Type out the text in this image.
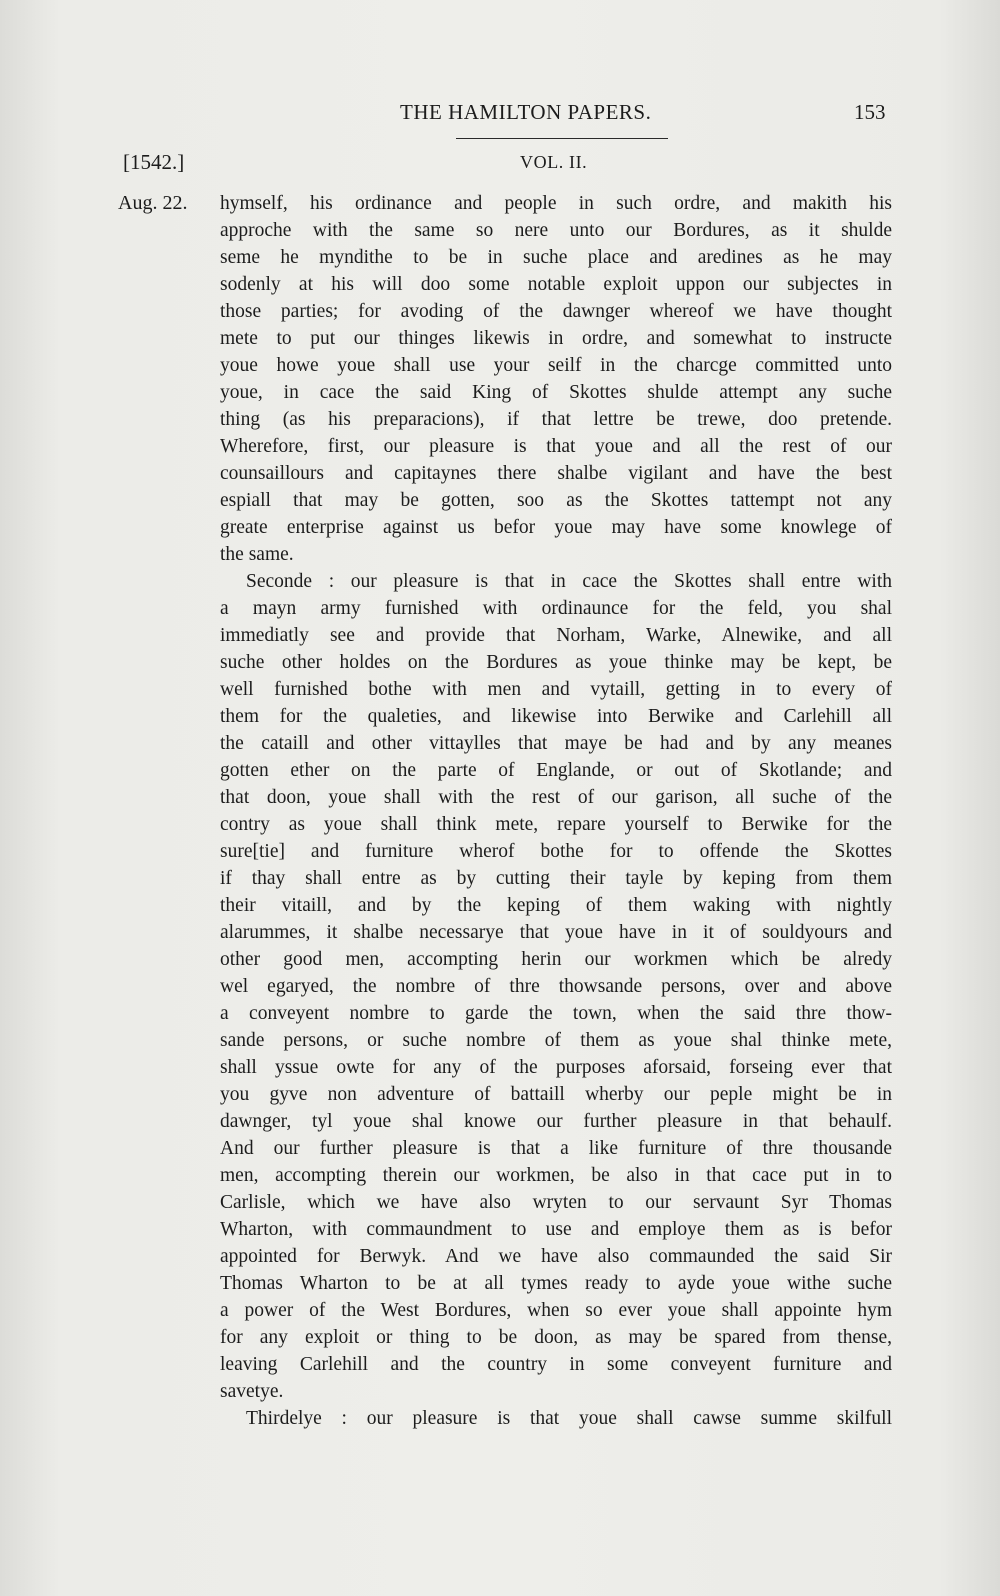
THE HAMILTON PAPERS.	153
[1542.]	VOL. II.
Aug. 22. hymself, his ordinance and people in such ordre, and makith his
approche with the same so nere unto our Bordures, as it shulde
seme he myndithe to be in suche place and aredines as he may
sodenly at his will doo some notable exploit uppon our subjectes in
those parties; for avoding of the dawnger whereof we have thought
mete to put our thinges likewis in ordre, and somewhat to instructe
youe howe youe shall use your seilf in the charcge committed unto
youe, in cace the said King of Skottes shulde attempt any suche
thing (as his preparacions), if that lettre be trewe, doo pretende.
Wherefore, first, our pleasure is that youe and all the rest of our
counsaillours and capitaynes there shalbe vigilant and have the best
espiall that may be gotten, soo as the Skottes tattempt not any
greate enterprise against us befor youe may have some knowlege of
the same.
Seconde : our pleasure is that in cace the Skottes shall entre with
a mayn army furnished with ordinaunce for the feld, you shal
immediatly see and provide that Norham, Warke, Alnewike, and all
suche other holdes on the Bordures as youe thinke may be kept, be
well furnished bothe with men and vytaill, getting in to every of
them for the qualeties, and likewise into Berwike and Carlehill all
the cataill and other vittaylles that maye be had and by any meanes
gotten ether on the parte of Englande, or out of Skotlande; and
that doon, youe shall with the rest of our garison, all suche of the
contry as youe shall think mete, repare yourself to Berwike for the
sure[tie] and furniture wherof bothe for to offende the Skottes
if thay shall entre as by cutting their tayle by keping from them
their vitaill, and by the keping of them waking with nightly
alarummes, it shalbe necessarye that youe have in it of souldyours and
other good men, accompting herin our workmen which be alredy
wel egaryed, the nombre of thre thowsande persons, over and above
a conveyent nombre to garde the town, when the said thre thow-
sande persons, or suche nombre of them as youe shal thinke mete,
shall yssue owte for any of the purposes aforsaid, forseing ever that
you gyve non adventure of battaill wherby our peple might be in
dawnger, tyl youe shal knowe our further pleasure in that behaulf.
And our further pleasure is that a like furniture of thre thousande
men, accompting therein our workmen, be also in that cace put in to
Carlisle, which we have also wryten to our servaunt Syr Thomas
Wharton, with commaundment to use and employe them as is befor
appointed for Berwyk. And we have also commaunded the said Sir
Thomas Wharton to be at all tymes ready to ayde youe withe suche
a power of the West Bordures, when so ever youe shall appointe hym
for any exploit or thing to be doon, as may be spared from thense,
leaving Carlehill and the country in some conveyent furniture and
savetye.
Thirdelye : our pleasure is that youe shall cawse summe skilfull
